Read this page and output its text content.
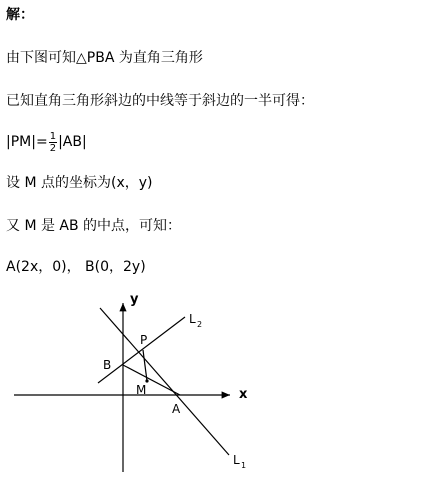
解：
由下图可知△PBA 为直角三角形
已知直角三角形斜边的中线等于斜边的一半可得：
$|PM|= \frac{1}{2} |AB|$
设 M 点的坐标为(x，y)
又 M 是 AB 的中点，可知：
A(2x，0)， B(0，2y)
y
x
P
B
M
A
L 2
L 1
